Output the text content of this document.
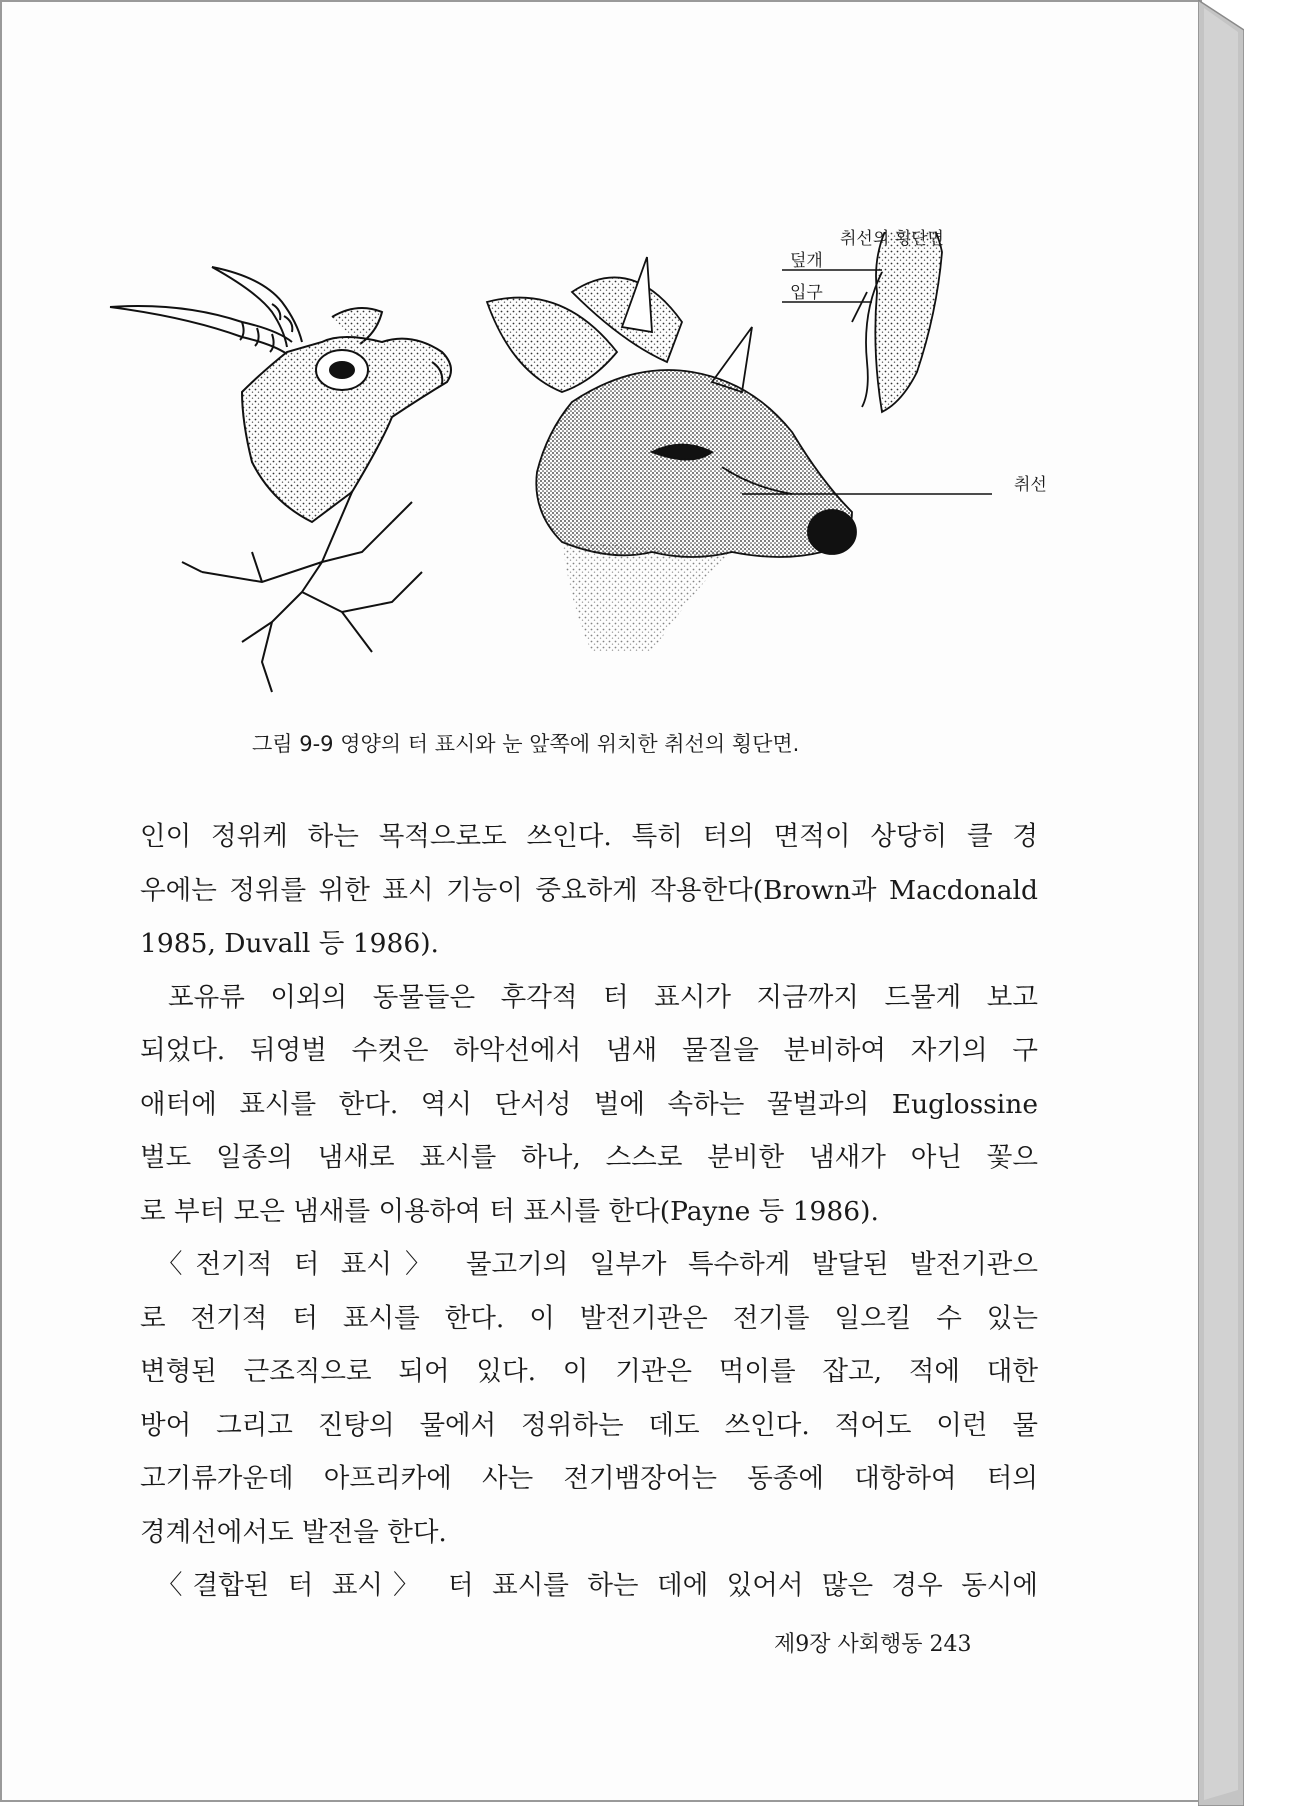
취선의 횡단면
덮개
입구
취선
그림 9-9 영양의 터 표시와 눈 앞쪽에 위치한 취선의 횡단면.
인이 정위케 하는 목적으로도 쓰인다. 특히 터의 면적이 상당히 클 경
우에는 정위를 위한 표시 기능이 중요하게 작용한다(Brown과 Macdonald
1985, Duvall 등 1986).
포유류 이외의 동물들은 후각적 터 표시가 지금까지 드물게 보고
되었다. 뒤영벌 수컷은 하악선에서 냄새 물질을 분비하여 자기의 구
애터에 표시를 한다. 역시 단서성 벌에 속하는 꿀벌과의 Euglossine
벌도 일종의 냄새로 표시를 하나, 스스로 분비한 냄새가 아닌 꽃으
로 부터 모은 냄새를 이용하여 터 표시를 한다(Payne 등 1986).
〈전기적 터 표시〉 물고기의 일부가 특수하게 발달된 발전기관으
로 전기적 터 표시를 한다. 이 발전기관은 전기를 일으킬 수 있는
변형된 근조직으로 되어 있다. 이 기관은 먹이를 잡고, 적에 대한
방어 그리고 진탕의 물에서 정위하는 데도 쓰인다. 적어도 이런 물
고기류가운데 아프리카에 사는 전기뱀장어는 동종에 대항하여 터의
경계선에서도 발전을 한다.
〈결합된 터 표시〉 터 표시를 하는 데에 있어서 많은 경우 동시에
제9장 사회행동 243
